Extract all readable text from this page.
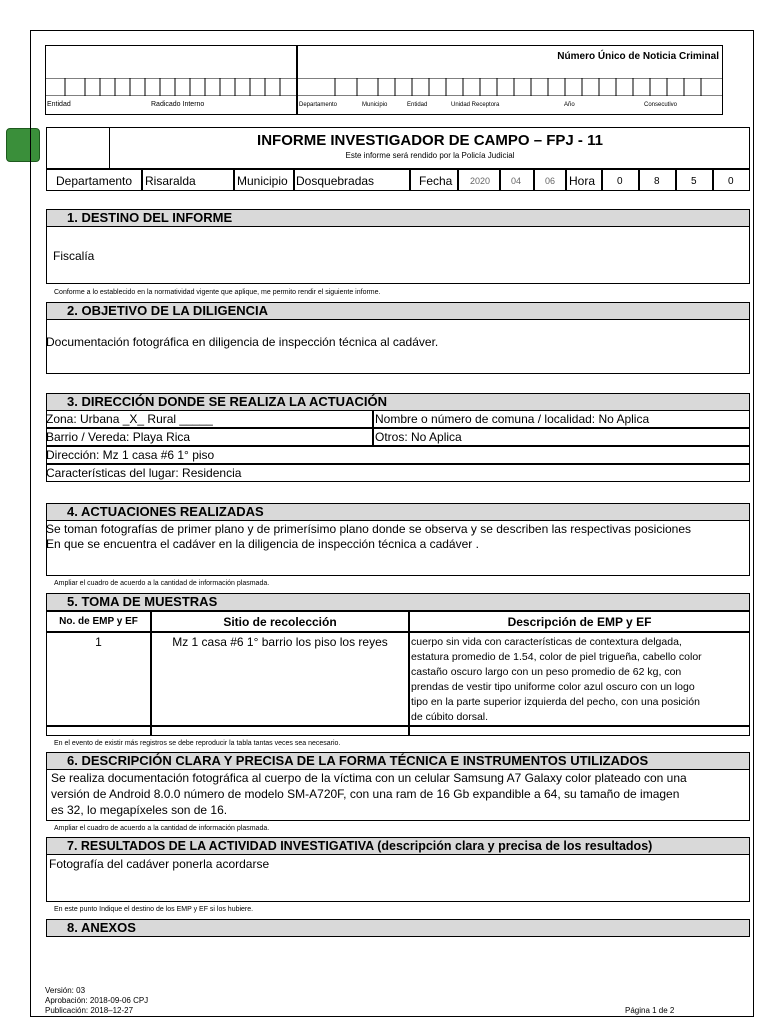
Número Único de Noticia Criminal
Entidad	Radicado Interno	Departamento	Municipio	Entidad	Unidad Receptora	Año	Consecutivo
INFORME INVESTIGADOR DE CAMPO – FPJ - 11
Este informe será rendido por la Policía Judicial
Departamento Risaralda	Municipio Dosquebradas	Fecha 2020 04	06 Hora 0	8	5	0
1. DESTINO DEL INFORME
Fiscalía
Conforme a lo establecido en la normatividad vigente que aplique, me permito rendir el siguiente informe.
2. OBJETIVO DE LA DILIGENCIA
Documentación fotográfica en diligencia de inspección técnica al cadáver.
3. DIRECCIÓN DONDE SE REALIZA LA ACTUACIÓN
Zona: Urbana _X_ Rural _____	Nombre o número de comuna / localidad: No Aplica
Barrio / Vereda: Playa Rica	Otros: No Aplica
Dirección: Mz 1 casa #6 1° piso
Características del lugar: Residencia
4. ACTUACIONES REALIZADAS
Se toman fotografías de primer plano y de primerísimo plano donde se observa y se describen las respectivas posiciones
En que se encuentra el cadáver en la diligencia de inspección técnica a cadáver .
Ampliar el cuadro de acuerdo a la cantidad de información plasmada.
5. TOMA DE MUESTRAS
No. de EMP y EF	Sitio de recolección	Descripción de EMP y EF
1	Mz 1 casa #6 1° barrio los piso los reyes	cuerpo sin vida con características de contextura delgada,
estatura promedio de 1.54, color de piel trigueña, cabello color
castaño oscuro largo con un peso promedio de 62 kg, con
prendas de vestir tipo uniforme color azul oscuro con un logo
tipo en la parte superior izquierda del pecho, con una posición
de cúbito dorsal.
En el evento de existir más registros se debe reproducir la tabla tantas veces sea necesario.
6. DESCRIPCIÓN CLARA Y PRECISA DE LA FORMA TÉCNICA E INSTRUMENTOS UTILIZADOS
Se realiza documentación fotográfica al cuerpo de la víctima con un celular Samsung A7 Galaxy color plateado con una
versión de Android 8.0.0 número de modelo SM-A720F, con una ram de 16 Gb expandible a 64, su tamaño de imagen
es 32, lo megapíxeles son de 16.
Ampliar el cuadro de acuerdo a la cantidad de información plasmada.
7. RESULTADOS DE LA ACTIVIDAD INVESTIGATIVA (descripción clara y precisa de los resultados)
Fotografía del cadáver ponerla acordarse
En este punto Indique el destino de los EMP y EF si los hubiere.
8. ANEXOS
Versión: 03
Aprobación: 2018-09-06 CPJ
Publicación: 2018–12-27	Página 1 de 2
